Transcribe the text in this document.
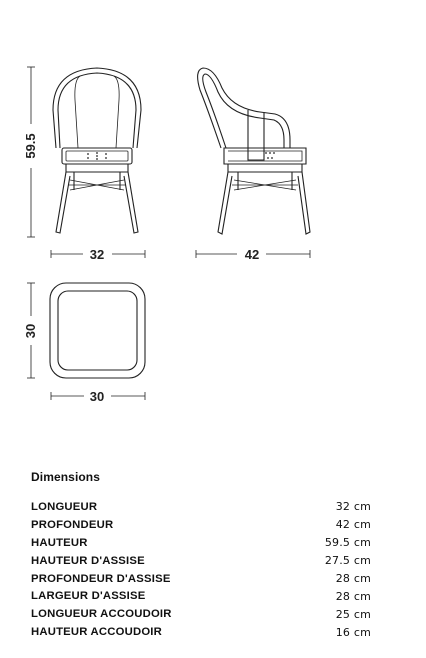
59.5
32	42
30
30
Dimensions
LONGUEUR	32 cm
PROFONDEUR	42 cm
HAUTEUR	59.5 cm
HAUTEUR D'ASSISE	27.5 cm
PROFONDEUR D'ASSISE	28 cm
LARGEUR D'ASSISE	28 cm
LONGUEUR ACCOUDOIR	25 cm
HAUTEUR ACCOUDOIR	16 cm
